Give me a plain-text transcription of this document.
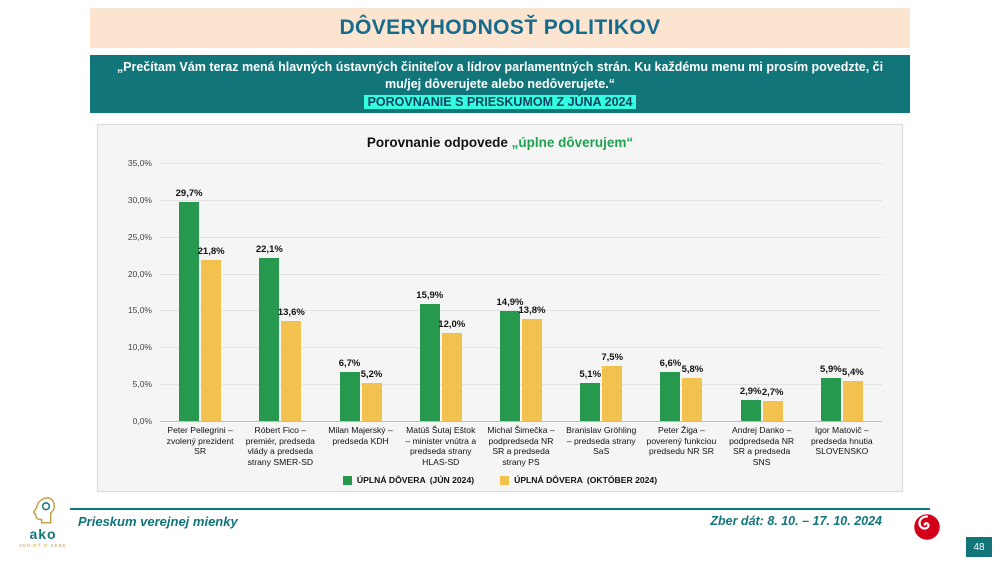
DÔVERYHODNOSŤ POLITIKOV
„Prečítam Vám teraz mená hlavných ústavných činiteľov a lídrov parlamentných strán. Ku každému menu mi prosím povedzte, či mu/jej dôverujete alebo nedôverujete.“
POROVNANIE S PRIESKUMOM Z JÚNA 2024
Porovnanie odpovede „úplne dôverujem“
35,0%
30,0%
25,0%
20,0%
15,0%
10,0%
5,0%
0,0%
29,7%
21,8%	22,1%
13,6%
6,7%
5,2%
15,9%
12,0%
14,9%
13,8%
5,1%
7,5%
6,6%
5,8%
2,9% 2,7%
5,9% 5,4%
Peter Pellegrini – zvolený prezident SR
Róbert Fico – premiér, predseda vlády a predseda strany SMER-SD
Milan Majerský – predseda KDH
Matúš Šutaj Eštok – minister vnútra a predseda strany HLAS-SD
Michal Šimečka – podpredseda NR SR a predseda strany PS
Branislav Gröhling – predseda strany SaS
Peter Žiga – poverený funkciou predsedu NR SR
Andrej Danko – podpredseda NR SR a predseda SNS
Igor Matovič – predseda hnutia SLOVENSKO
ÚPLNÁ DÔVERA (JÚN 2024)	ÚPLNÁ DÔVERA (OKTÓBER 2024)
ako
VEDIEŤ O SEBE
Prieskum verejnej mienky	Zber dát: 8. 10. – 17. 10. 2024
48
